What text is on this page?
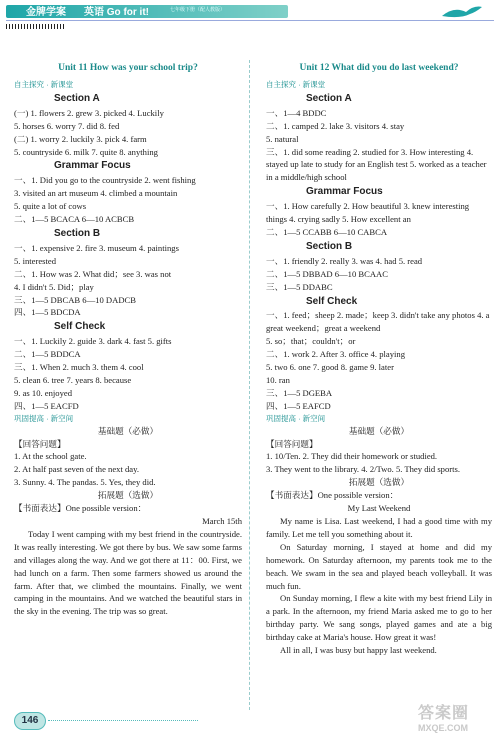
金牌学案 英语 Go for it!	七年级下册（配人教版）
Unit 11 How was your school trip?
自主探究 · 新课堂
Section A
(一) 1. flowers 2. grew 3. picked 4. Luckily
5. horses 6. worry 7. did 8. fed
(二) 1. worry 2. luckily 3. pick 4. farm
5. countryside 6. milk 7. quite 8. anything
Grammar Focus
一、1. Did you go to the countryside 2. went fishing
3. visited an art museum 4. climbed a mountain
5. quite a lot of cows
二、1—5 BCACA 6—10 ACBCB
Section B
一、1. expensive 2. fire 3. museum 4. paintings
5. interested
二、1. How was 2. What did；see 3. was not
4. I didn't 5. Did；play
三、1—5 DBCAB 6—10 DADCB
四、1—5 BDCDA
Self Check
一、1. Luckily 2. guide 3. dark 4. fast 5. gifts
二、1—5 BDDCA
三、1. When 2. much 3. them 4. cool
5. clean 6. tree 7. years 8. because
9. as 10. enjoyed
四、1—5 EACFD
巩固提高 · 新空间
基础题（必做）
【回答问题】
1. At the school gate.
2. At half past seven of the next day.
3. Sunny. 4. The pandas. 5. Yes, they did.
拓展题（选做）
【书面表达】One possible version：
March 15th
Today I went camping with my best friend in the countryside. It was really interesting. We got there by bus. We saw some farms and villages along the way. And we got there at 11：00. First, we had lunch on a farm. Then some farmers showed us around the farm. After that, we climbed the mountains. Finally, we went camping in the mountains. And we watched the beautiful stars in the sky in the evening. The trip was so great.
Unit 12 What did you do last weekend?
自主探究 · 新课堂
Section A
一、1—4 BDDC
二、1. camped 2. lake 3. visitors 4. stay
5. natural
三、1. did some reading 2. studied for 3. How interesting 4. stayed up late to study for an English test 5. worked as a teacher in a middle/high school
Grammar Focus
一、1. How carefully 2. How beautiful 3. knew interesting things 4. crying sadly 5. How excellent an
二、1—5 CCABB 6—10 CABCA
Section B
一、1. friendly 2. really 3. was 4. had 5. read
二、1—5 DBBAD 6—10 BCAAC
三、1—5 DDABC
Self Check
一、1. feed；sheep 2. made；keep 3. didn't take any photos 4. a great weekend；great a weekend
5. so；that；couldn't；or
二、1. work 2. After 3. office 4. playing
5. two 6. one 7. good 8. game 9. later
10. ran
三、1—5 DGEBA
四、1—5 EAFCD
巩固提高 · 新空间
基础题（必做）
【回答问题】
1. 10/Ten. 2. They did their homework or studied.
3. They went to the library. 4. 2/Two. 5. They did sports.
拓展题（选做）
【书面表达】One possible version：
My Last Weekend
My name is Lisa. Last weekend, I had a good time with my family. Let me tell you something about it.
On Saturday morning, I stayed at home and did my homework. On Saturday afternoon, my parents took me to the beach. We swam in the sea and played beach volleyball. It was much fun.
On Sunday morning, I flew a kite with my best friend Lily in a park. In the afternoon, my friend Maria asked me to go to her birthday party. We sang songs, played games and ate a big birthday cake at Maria's house. How great it was!
All in all, I was busy but happy last weekend.
146	答案圈
MXQE.COM
